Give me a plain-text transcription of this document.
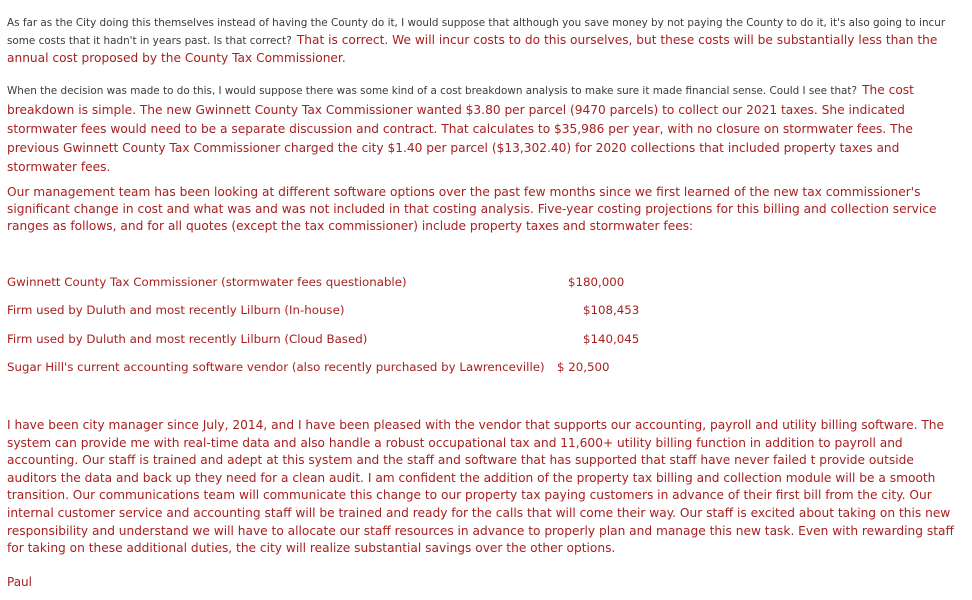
As far as the City doing this themselves instead of having the County do it, I would suppose that although you save money by not paying the County to do it, it's also going to incur some costs that it hadn't in years past. Is that correct? That is correct. We will incur costs to do this ourselves, but these costs will be substantially less than the annual cost proposed by the County Tax Commissioner.
When the decision was made to do this, I would suppose there was some kind of a cost breakdown analysis to make sure it made financial sense. Could I see that? The cost breakdown is simple. The new Gwinnett County Tax Commissioner wanted $3.80 per parcel (9470 parcels) to collect our 2021 taxes. She indicated stormwater fees would need to be a separate discussion and contract. That calculates to $35,986 per year, with no closure on stormwater fees. The previous Gwinnett County Tax Commissioner charged the city $1.40 per parcel ($13,302.40) for 2020 collections that included property taxes and stormwater fees.
Our management team has been looking at different software options over the past few months since we first learned of the new tax commissioner's significant change in cost and what was and was not included in that costing analysis. Five-year costing projections for this billing and collection service ranges as follows, and for all quotes (except the tax commissioner) include property taxes and stormwater fees:
Gwinnett County Tax Commissioner (stormwater fees questionable)	$180,000
Firm used by Duluth and most recently Lilburn (In-house)	$108,453
Firm used by Duluth and most recently Lilburn (Cloud Based)	$140,045
Sugar Hill's current accounting software vendor (also recently purchased by Lawrenceville) $ 20,500
I have been city manager since July, 2014, and I have been pleased with the vendor that supports our accounting, payroll and utility billing software. The system can provide me with real-time data and also handle a robust occupational tax and 11,600+ utility billing function in addition to payroll and accounting. Our staff is trained and adept at this system and the staff and software that has supported that staff have never failed t provide outside auditors the data and back up they need for a clean audit. I am confident the addition of the property tax billing and collection module will be a smooth transition. Our communications team will communicate this change to our property tax paying customers in advance of their first bill from the city. Our internal customer service and accounting staff will be trained and ready for the calls that will come their way. Our staff is excited about taking on this new responsibility and understand we will have to allocate our staff resources in advance to properly plan and manage this new task. Even with rewarding staff for taking on these additional duties, the city will realize substantial savings over the other options.
Paul
